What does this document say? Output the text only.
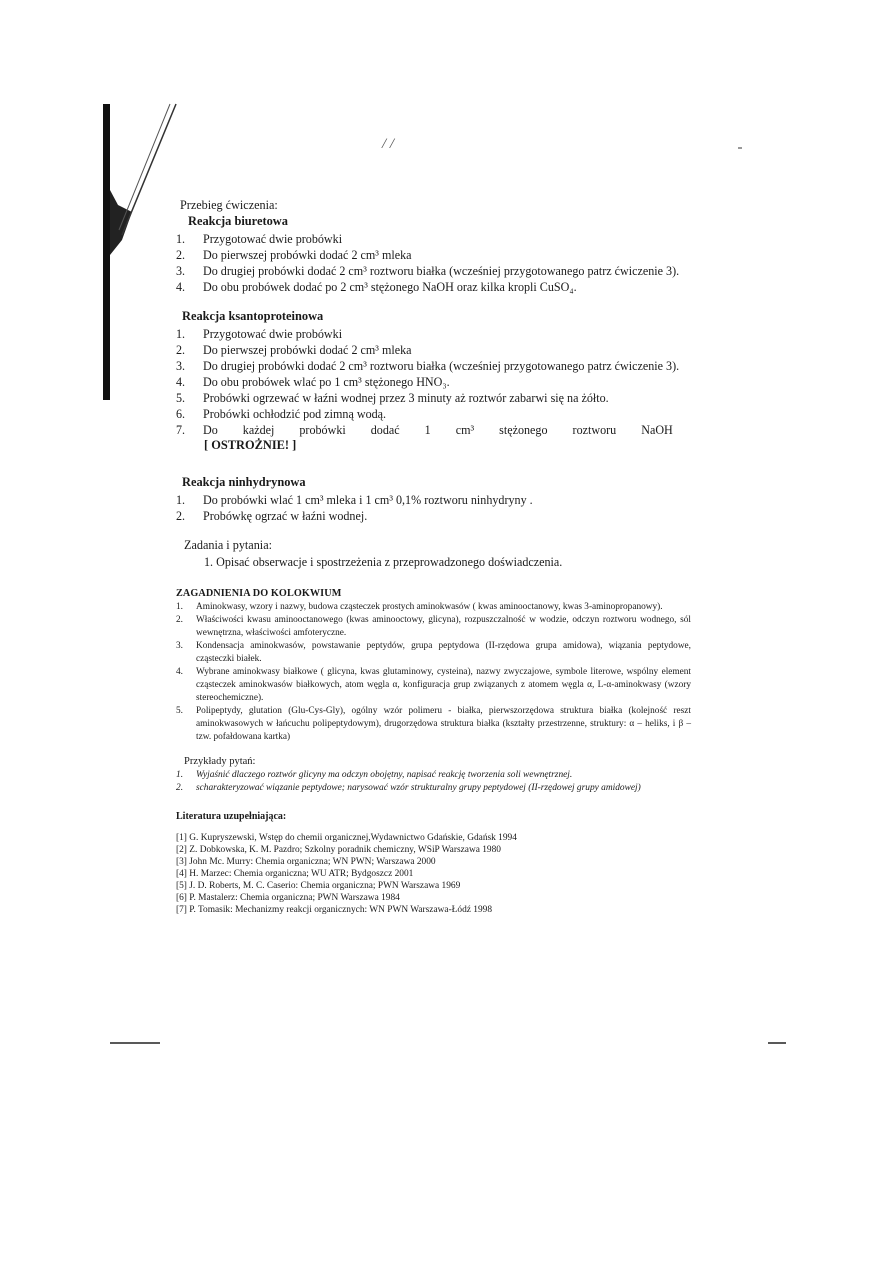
/ /

Przebieg ćwiczenia:

Reakcja biuretowa

1.	Przygotować dwie probówki
2.	Do pierwszej probówki dodać 2 cm³ mleka
3.	Do drugiej probówki dodać 2 cm³ roztworu białka (wcześniej przygotowanego patrz ćwiczenie 3).
4.	Do obu probówek dodać po 2 cm³ stężonego NaOH oraz kilka kropli CuSO₄.

Reakcja ksantoproteinowa

1.	Przygotować dwie probówki
2.	Do pierwszej probówki dodać 2 cm³ mleka
3.	Do drugiej probówki dodać 2 cm³ roztworu białka (wcześniej przygotowanego patrz ćwiczenie 3).
4.	Do obu probówek wlać po 1 cm³ stężonego HNO₃.
5.	Probówki ogrzewać w łaźni wodnej przez 3 minuty aż roztwór zabarwi się na żółto.
6.	Probówki ochłodzić pod zimną wodą.
7.	Do każdej probówki dodać 1 cm³ stężonego roztworu NaOH

[ OSTROŻNIE! ]

Reakcja ninhydrynowa

1.	Do probówki wlać 1 cm³ mleka i 1 cm³ 0,1% roztworu ninhydryny .
2.	Probówkę ogrzać w łaźni wodnej.

Zadania i pytania:

1. Opisać obserwacje i spostrzeżenia z przeprowadzonego doświadczenia.

ZAGADNIENIA DO KOLOKWIUM

1.	Aminokwasy, wzory i nazwy, budowa cząsteczek prostych aminokwasów ( kwas aminooctanowy, kwas 3-aminopropanowy).
2.	Właściwości kwasu aminooctanowego (kwas aminooctowy, glicyna), rozpuszczalność w wodzie, odczyn roztworu wodnego, sól wewnętrzna, właściwości amfoteryczne.
3.	Kondensacja aminokwasów, powstawanie peptydów, grupa peptydowa (II-rzędowa grupa amidowa), wiązania peptydowe, cząsteczki białek.
4.	Wybrane aminokwasy białkowe ( glicyna, kwas glutaminowy, cysteina), nazwy zwyczajowe, symbole literowe, wspólny element cząsteczek aminokwasów białkowych, atom węgla α, konfiguracja grup związanych z atomem węgla α, L-α-aminokwasy (wzory stereochemiczne).
5.	Polipeptydy, glutation (Glu-Cys-Gly), ogólny wzór polimeru - białka, pierwszorzędowa struktura białka (kolejność reszt aminokwasowych w łańcuchu polipeptydowym), drugorzędowa struktura białka (kształty przestrzenne, struktury: α – heliks, i β – tzw. pofałdowana kartka)

Przykłady pytań:

1.	Wyjaśnić dlaczego roztwór glicyny ma odczyn obojętny, napisać reakcję tworzenia soli wewnętrznej.
2.	scharakteryzować wiązanie peptydowe; narysować wzór strukturalny grupy peptydowej (II-rzędowej grupy amidowej)

Literatura uzupełniająca:

[1] G. Kupryszewski, Wstęp do chemii organicznej,Wydawnictwo Gdańskie, Gdańsk 1994
[2] Z. Dobkowska, K. M. Pazdro; Szkolny poradnik chemiczny, WSiP Warszawa 1980
[3] John Mc. Murry: Chemia organiczna; WN PWN; Warszawa 2000
[4] H. Marzec: Chemia organiczna; WU ATR; Bydgoszcz 2001
[5] J. D. Roberts, M. C. Caserio: Chemia organiczna; PWN Warszawa 1969
[6] P. Mastalerz: Chemia organiczna; PWN Warszawa 1984
[7] P. Tomasik: Mechanizmy reakcji organicznych: WN PWN Warszawa-Łódź 1998
